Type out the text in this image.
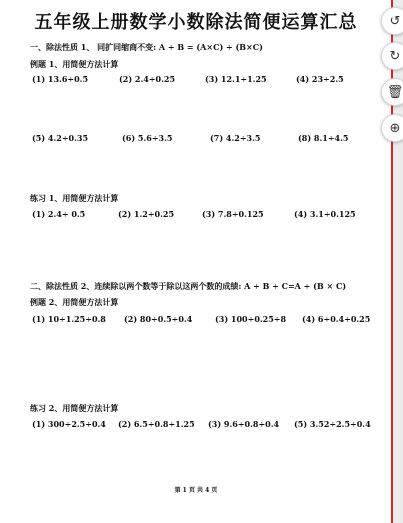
五年级上册数学小数除法简便运算汇总
一、除法性质 1、 同扩同缩商不变: A ÷ B = (A×C) ÷ (B×C)
例题 1、用简便方法计算
(1) 13.6÷0.5	(2) 2.4÷0.25	(3) 12.1÷1.25	(4) 23÷2.5
(5) 4.2÷0.35	(6) 5.6÷3.5	(7) 4.2÷3.5	(8) 8.1÷4.5
练习 1、用简便方法计算
(1) 2.4÷ 0.5	(2) 1.2÷0.25	(3) 7.8÷0.125	(4) 3.1÷0.125
二、除法性质 2、连续除以两个数等于除以这两个数的成绩: A ÷ B ÷ C=A ÷ (B × C)
例题 2、用简便方法计算
(1) 10÷1.25÷0.8 (2) 80÷0.5÷0.4	(3) 100÷0.25÷8 (4) 6÷0.4÷0.25
练习 2、用简便方法计算
(1) 300÷2.5÷0.4 (2) 6.5÷0.8÷1.25 (3) 9.6÷0.8÷0.4 (5) 3.52÷2.5÷0.4
第 1 页 共 4 页
↺
↻
🗑
⊕
